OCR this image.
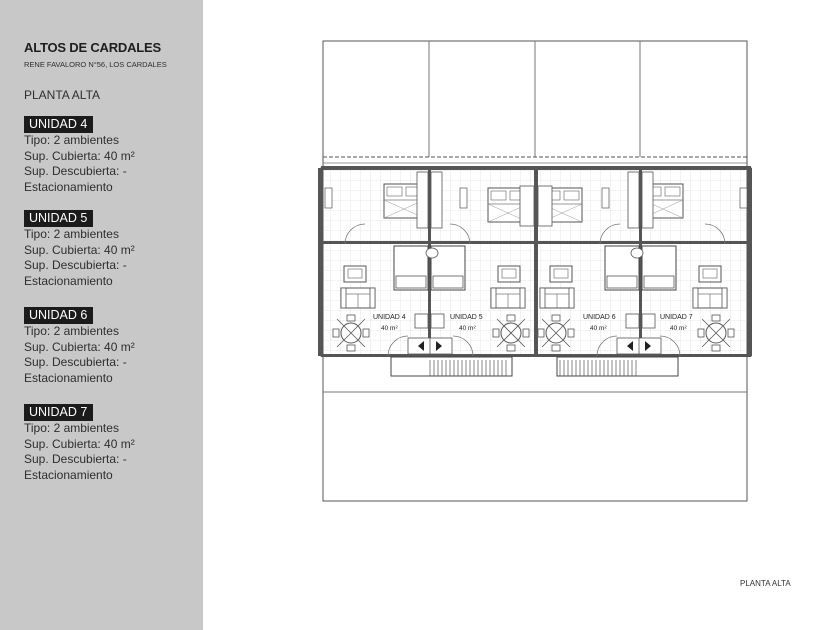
ALTOS DE CARDALES
RENE FAVALORO N°56, LOS CARDALES
PLANTA ALTA
UNIDAD 4
Tipo: 2 ambientes
Sup. Cubierta: 40 m²
Sup. Descubierta: -
Estacionamiento
UNIDAD 5
Tipo: 2 ambientes
Sup. Cubierta: 40 m²
Sup. Descubierta: -
Estacionamiento
UNIDAD 6
Tipo: 2 ambientes
Sup. Cubierta: 40 m²
Sup. Descubierta: -
Estacionamiento
UNIDAD 7
Tipo: 2 ambientes
Sup. Cubierta: 40 m²
Sup. Descubierta: -
Estacionamiento
UNIDAD 4
40 m²
UNIDAD 5
40 m²
UNIDAD 6
40 m²
UNIDAD 7
40 m²
PLANTA ALTA
